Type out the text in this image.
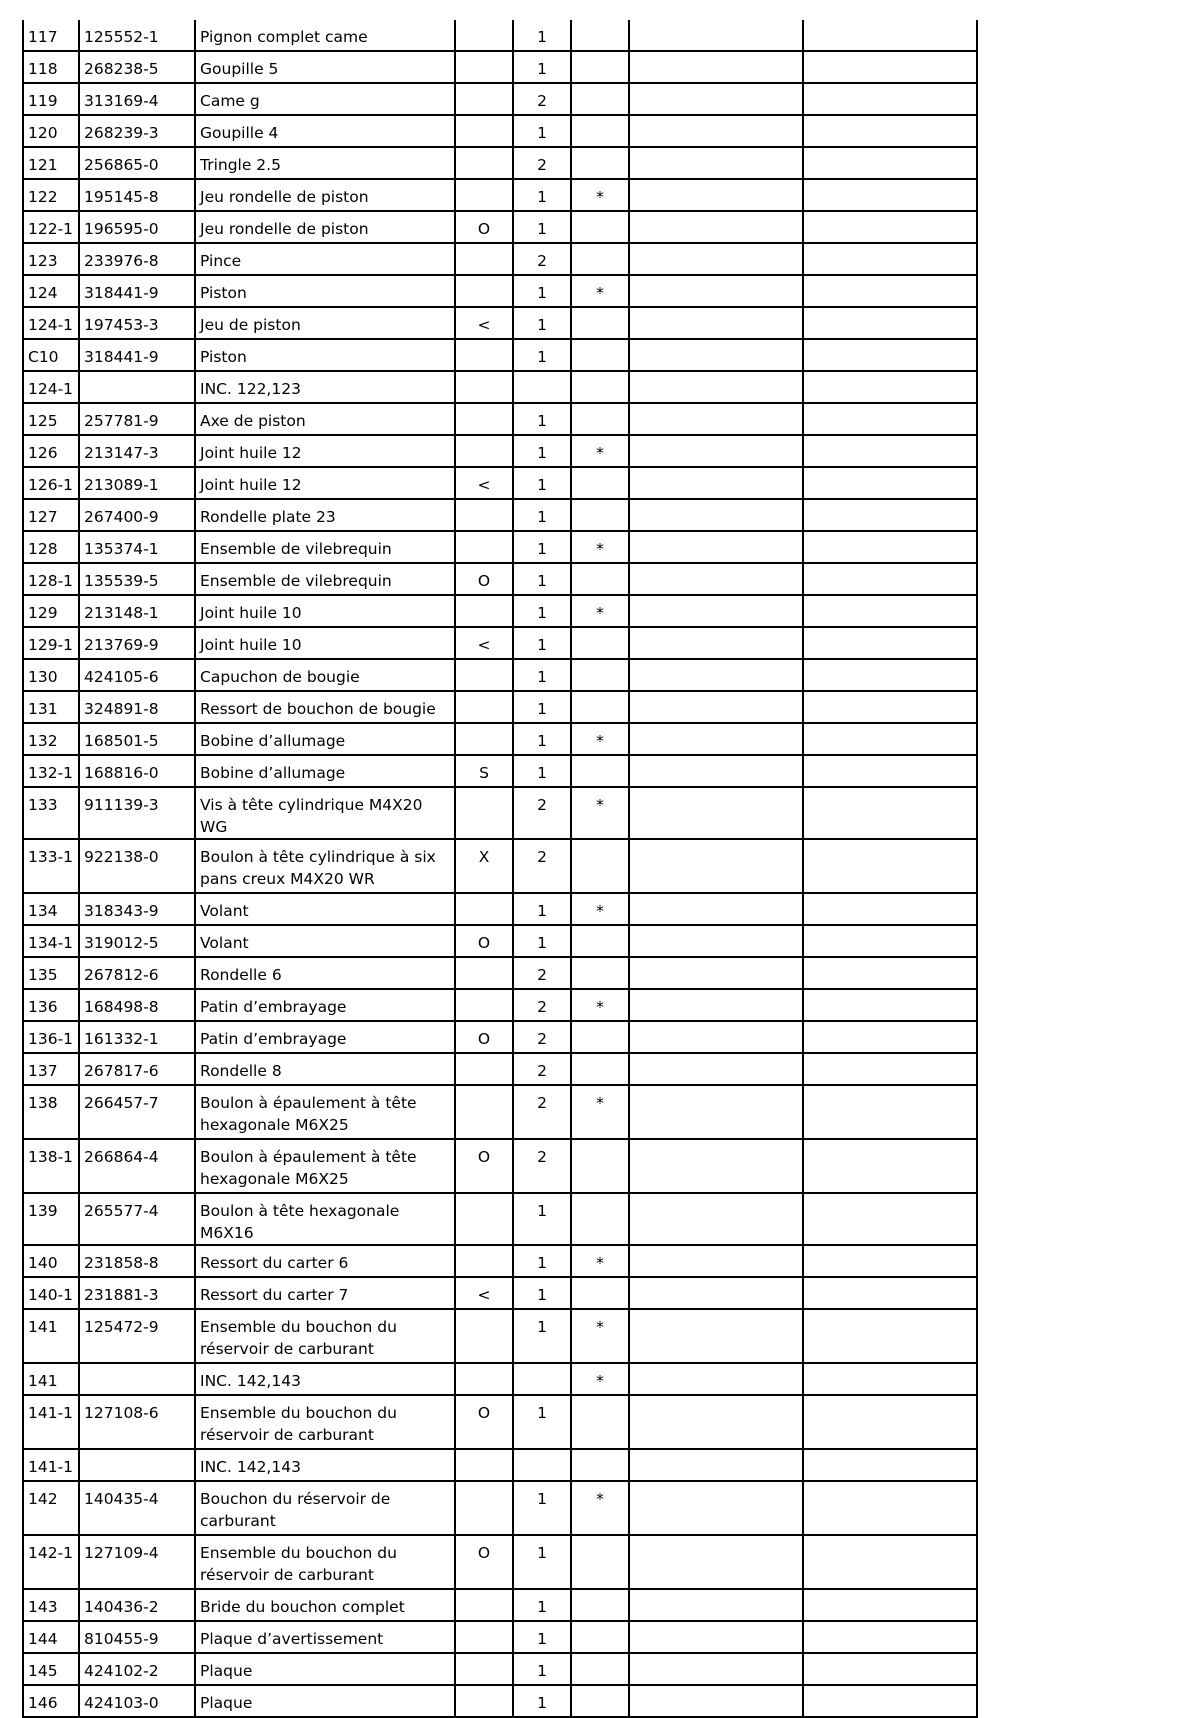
117	125552-1	Pignon complet came		1			
118	268238-5	Goupille 5		1			
119	313169-4	Came g		2			
120	268239-3	Goupille 4		1			
121	256865-0	Tringle 2.5		2			
122	195145-8	Jeu rondelle de piston		1	*		
122-1	196595-0	Jeu rondelle de piston	O	1			
123	233976-8	Pince		2			
124	318441-9	Piston		1	*		
124-1	197453-3	Jeu de piston	<	1			
C10	318441-9	Piston		1			
124-1		INC. 122,123					
125	257781-9	Axe de piston		1			
126	213147-3	Joint huile 12		1	*		
126-1	213089-1	Joint huile 12	<	1			
127	267400-9	Rondelle plate 23		1			
128	135374-1	Ensemble de vilebrequin		1	*		
128-1	135539-5	Ensemble de vilebrequin	O	1			
129	213148-1	Joint huile 10		1	*		
129-1	213769-9	Joint huile 10	<	1			
130	424105-6	Capuchon de bougie		1			
131	324891-8	Ressort de bouchon de bougie		1			
132	168501-5	Bobine d’allumage		1	*		
132-1	168816-0	Bobine d’allumage	S	1			
133	911139-3	Vis à tête cylindrique M4X20 WG		2	*		
133-1	922138-0	Boulon à tête cylindrique à six pans creux M4X20 WR	X	2			
134	318343-9	Volant		1	*		
134-1	319012-5	Volant	O	1			
135	267812-6	Rondelle 6		2			
136	168498-8	Patin d’embrayage		2	*		
136-1	161332-1	Patin d’embrayage	O	2			
137	267817-6	Rondelle 8		2			
138	266457-7	Boulon à épaulement à tête hexagonale M6X25		2	*		
138-1	266864-4	Boulon à épaulement à tête hexagonale M6X25	O	2			
139	265577-4	Boulon à tête hexagonale M6X16		1			
140	231858-8	Ressort du carter 6		1	*		
140-1	231881-3	Ressort du carter 7	<	1			
141	125472-9	Ensemble du bouchon du réservoir de carburant		1	*		
141		INC. 142,143			*		
141-1	127108-6	Ensemble du bouchon du réservoir de carburant	O	1			
141-1		INC. 142,143					
142	140435-4	Bouchon du réservoir de carburant		1	*		
142-1	127109-4	Ensemble du bouchon du réservoir de carburant	O	1			
143	140436-2	Bride du bouchon complet		1			
144	810455-9	Plaque d’avertissement		1			
145	424102-2	Plaque		1			
146	424103-0	Plaque		1			
